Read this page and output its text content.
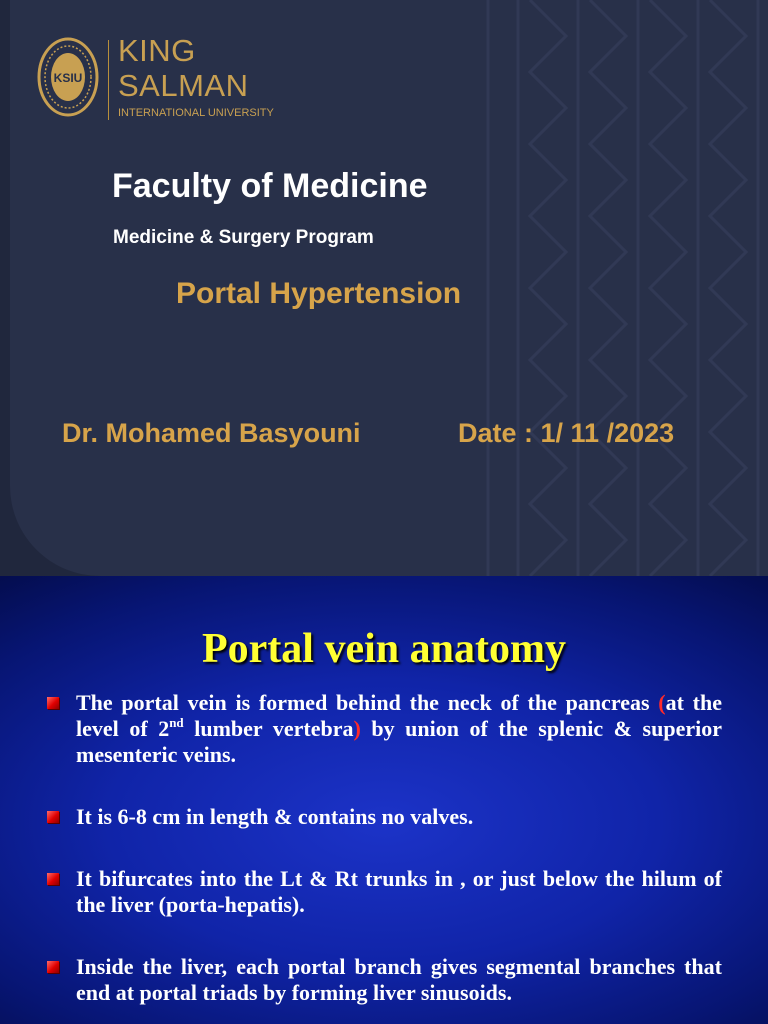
KSIU
KING
SALMAN
INTERNATIONAL UNIVERSITY
Faculty of Medicine
Medicine & Surgery Program
Portal Hypertension
Dr. Mohamed Basyouni	Date : 1/ 11 /2023
Portal vein anatomy
The portal vein is formed behind the neck of the pancreas (at the level of 2nd lumber vertebra) by union of the splenic & superior mesenteric veins.
It is 6-8 cm in length & contains no valves.
It bifurcates into the Lt & Rt trunks in , or just below the hilum of the liver (porta-hepatis).
Inside the liver, each portal branch gives segmental branches that end at portal triads by forming liver sinusoids.
